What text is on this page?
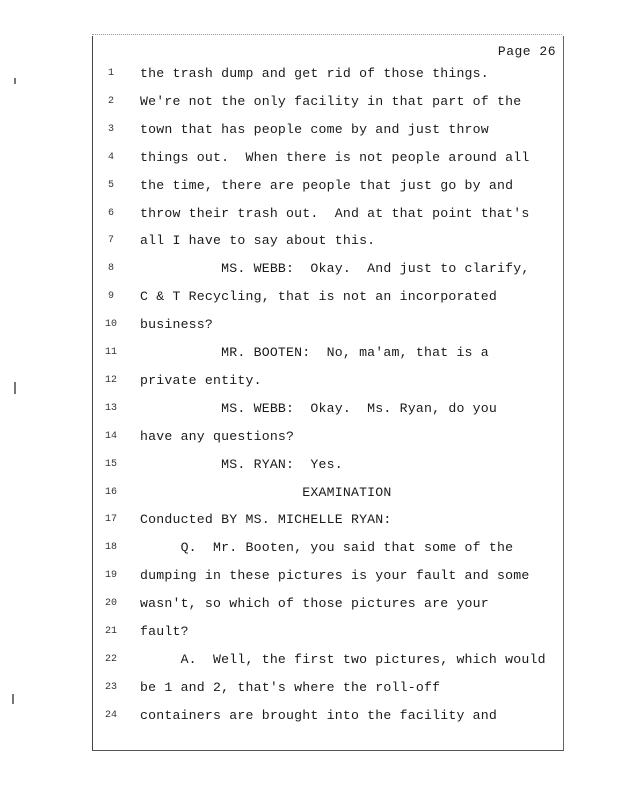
Page 26
1	the trash dump and get rid of those things.
2	We're not the only facility in that part of the
3	town that has people come by and just throw
4	things out.  When there is not people around all
5	the time, there are people that just go by and
6	throw their trash out.  And at that point that's
7	all I have to say about this.
8	MS. WEBB:  Okay.  And just to clarify,
9	C & T Recycling, that is not an incorporated
10	business?
11	MR. BOOTEN:  No, ma'am, that is a
12	private entity.
13	MS. WEBB:  Okay.  Ms. Ryan, do you
14	have any questions?
15	MS. RYAN:  Yes.
16	EXAMINATION
17	Conducted BY MS. MICHELLE RYAN:
18	Q.  Mr. Booten, you said that some of the
19	dumping in these pictures is your fault and some
20	wasn't, so which of those pictures are your
21	fault?
22	A.  Well, the first two pictures, which would
23	be 1 and 2, that's where the roll-off
24	containers are brought into the facility and
